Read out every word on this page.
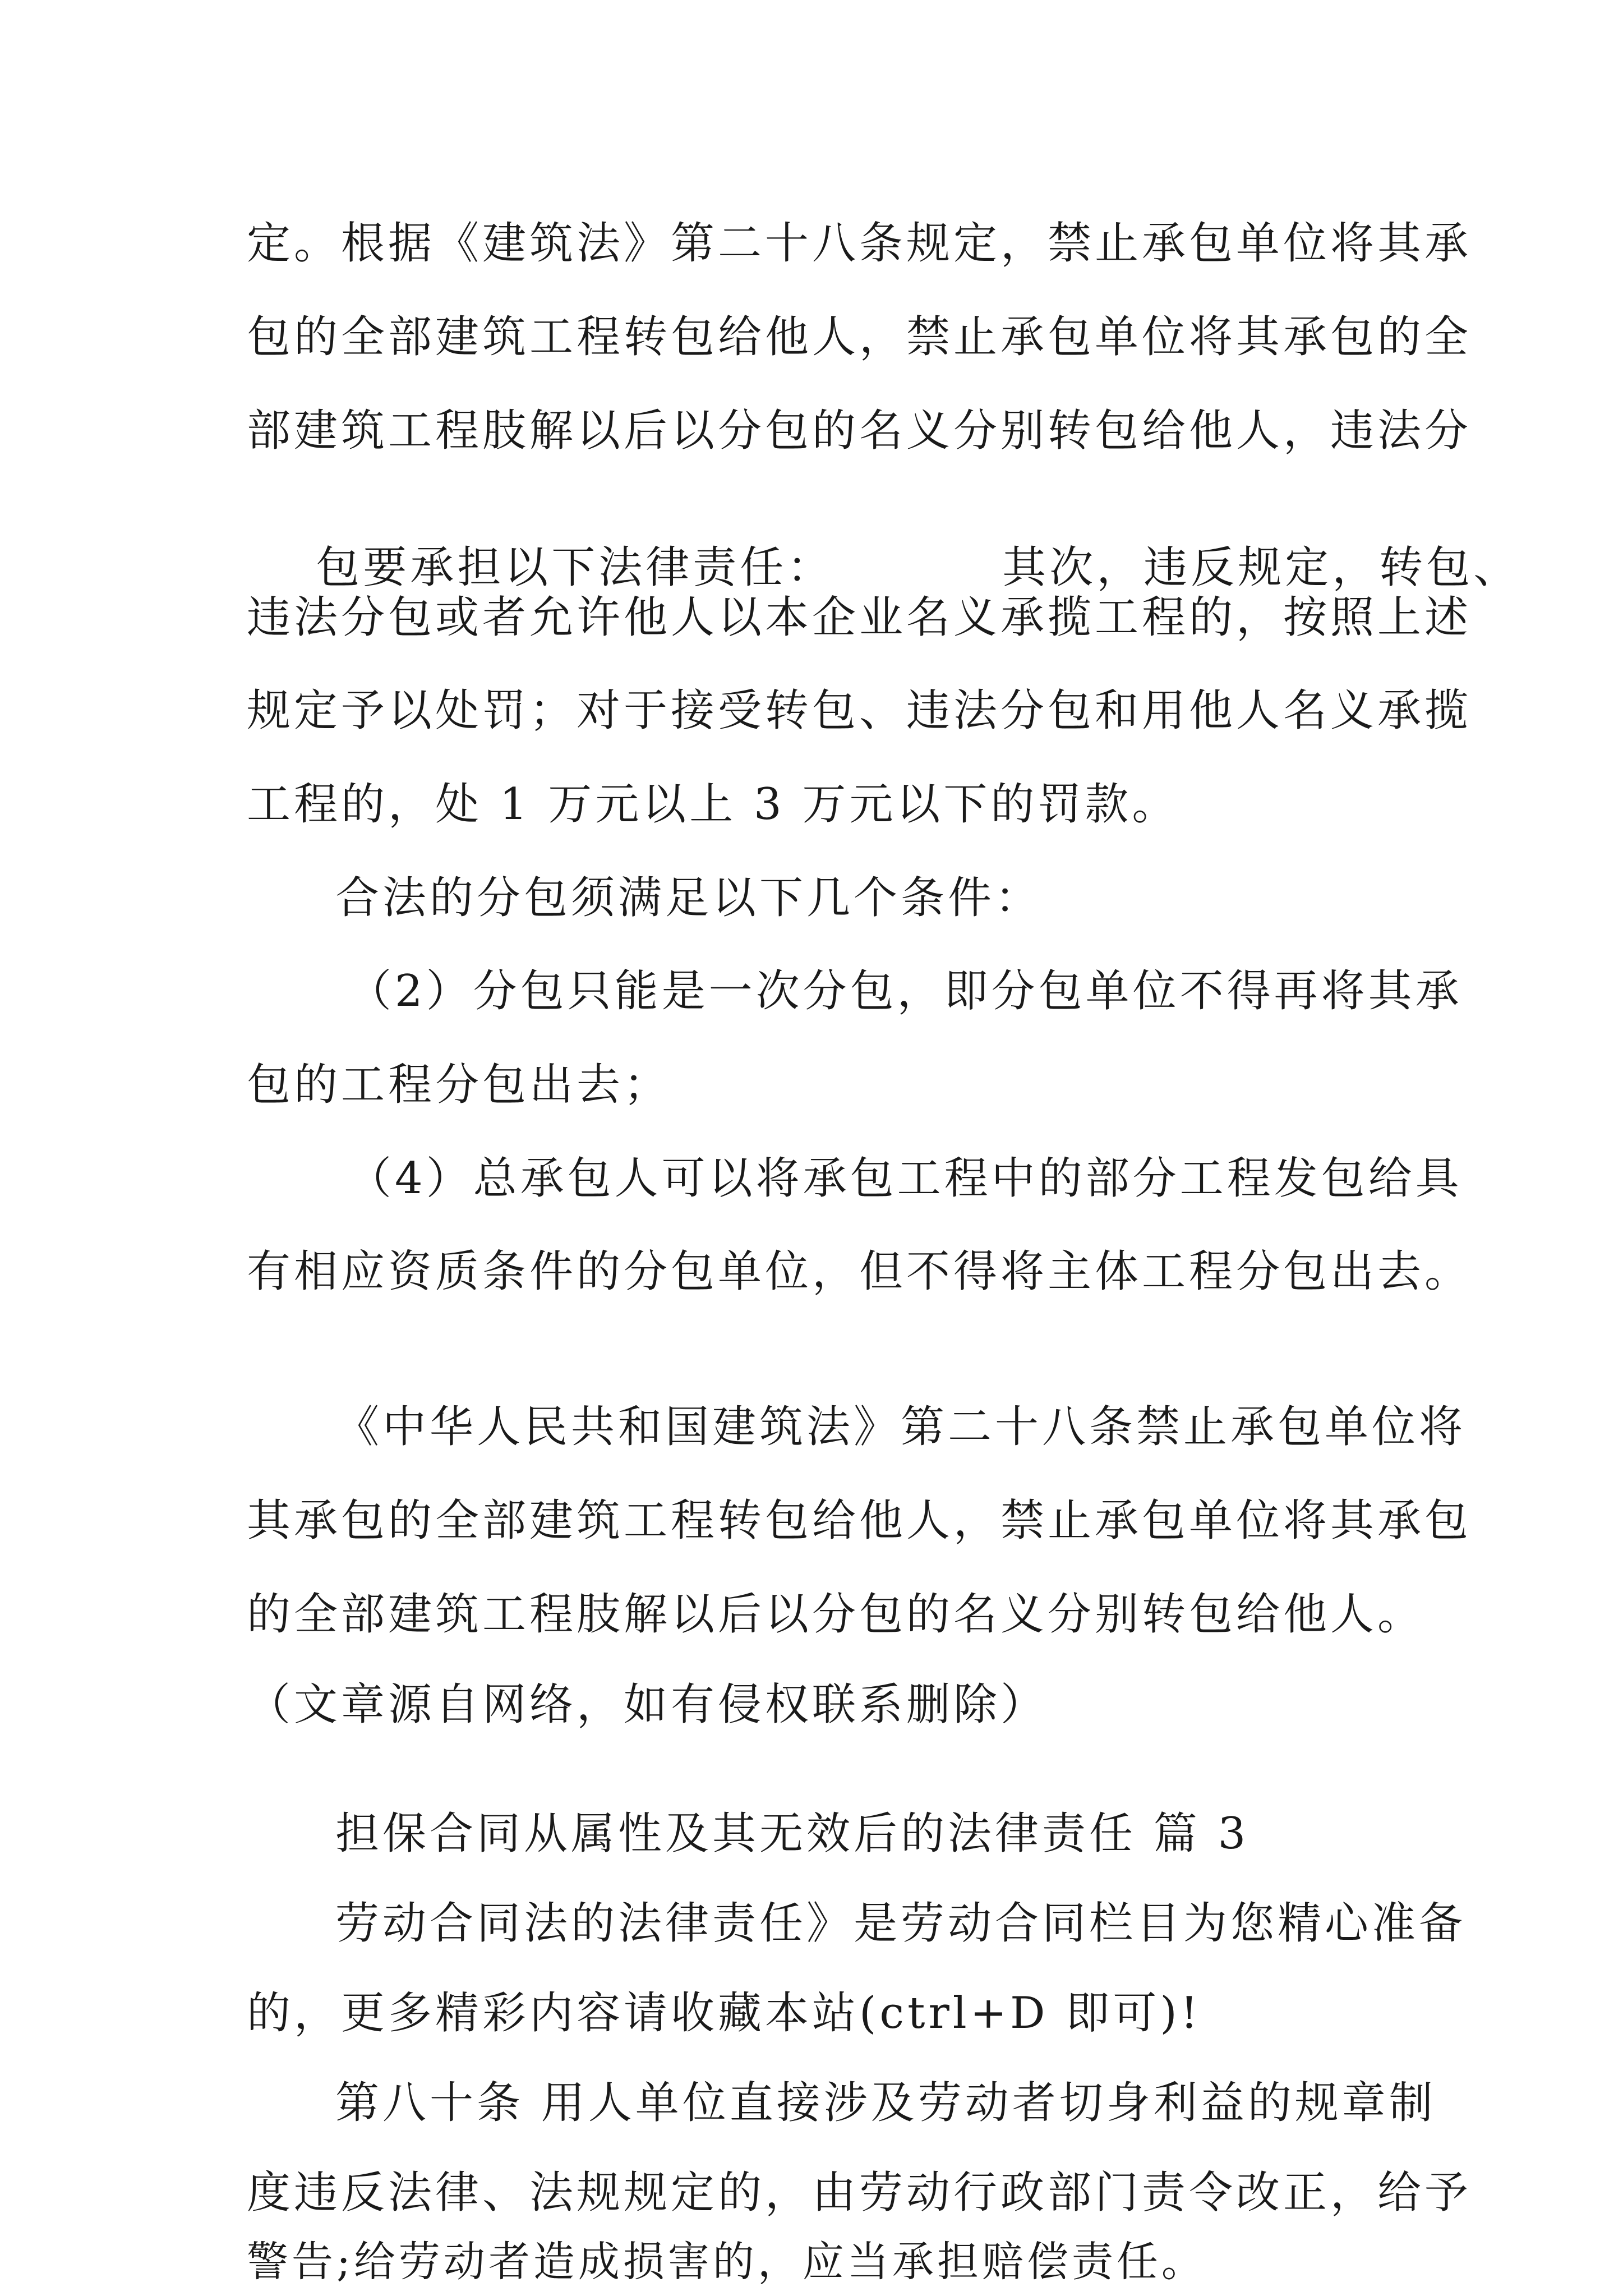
定。根据《建筑法》第二十八条规定，禁止承包单位将其承
包的全部建筑工程转包给他人，禁止承包单位将其承包的全
部建筑工程肢解以后以分包的名义分别转包给他人，违法分

包要承担以下法律责任：	其次，违反规定，转包、

违法分包或者允许他人以本企业名义承揽工程的，按照上述
规定予以处罚；对于接受转包、违法分包和用他人名义承揽
工程的，处 1 万元以上 3 万元以下的罚款。
合法的分包须满足以下几个条件：
（2）分包只能是一次分包，即分包单位不得再将其承
包的工程分包出去；
（4）总承包人可以将承包工程中的部分工程发包给具
有相应资质条件的分包单位，但不得将主体工程分包出去。
《中华人民共和国建筑法》第二十八条禁止承包单位将
其承包的全部建筑工程转包给他人，禁止承包单位将其承包
的全部建筑工程肢解以后以分包的名义分别转包给他人。
（文章源自网络，如有侵权联系删除）
担保合同从属性及其无效后的法律责任 篇 3
劳动合同法的法律责任》是劳动合同栏目为您精心准备
的，更多精彩内容请收藏本站(ctrl+D 即可)!
第八十条 用人单位直接涉及劳动者切身利益的规章制
度违反法律、法规规定的，由劳动行政部门责令改正，给予
警告;给劳动者造成损害的，应当承担赔偿责任。
